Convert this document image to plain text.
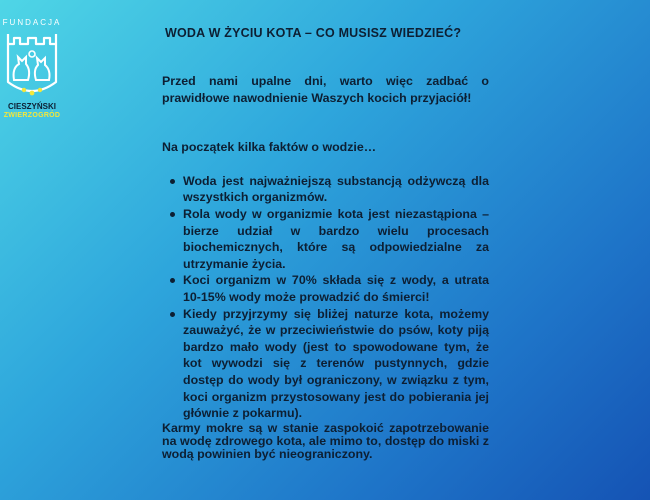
FUNDACJA
CIESZYŃSKI
ZWIERZOGRÓD
WODA W ŻYCIU KOTA – CO MUSISZ WIEDZIEĆ?

Przed nami upalne dni, warto więc zadbać o prawidłowe nawodnienie Waszych kocich przyjaciół!

Na początek kilka faktów o wodzie…

Woda jest najważniejszą substancją odżywczą dla wszystkich organizmów.
Rola wody w organizmie kota jest niezastąpiona – bierze udział w bardzo wielu procesach biochemicznych, które są odpowiedzialne za utrzymanie życia.
Koci organizm w 70% składa się z wody, a utrata 10-15% wody może prowadzić do śmierci!
Kiedy przyjrzymy się bliżej naturze kota, możemy zauważyć, że w przeciwieństwie do psów, koty piją bardzo mało wody (jest to spowodowane tym, że kot wywodzi się z terenów pustynnych, gdzie dostęp do wody był ograniczony, w związku z tym, koci organizm przystosowany jest do pobierania jej głównie z pokarmu).

Karmy mokre są w stanie zaspokoić zapotrzebowanie na wodę zdrowego kota, ale mimo to, dostęp do miski z wodą powinien być nieograniczony.
